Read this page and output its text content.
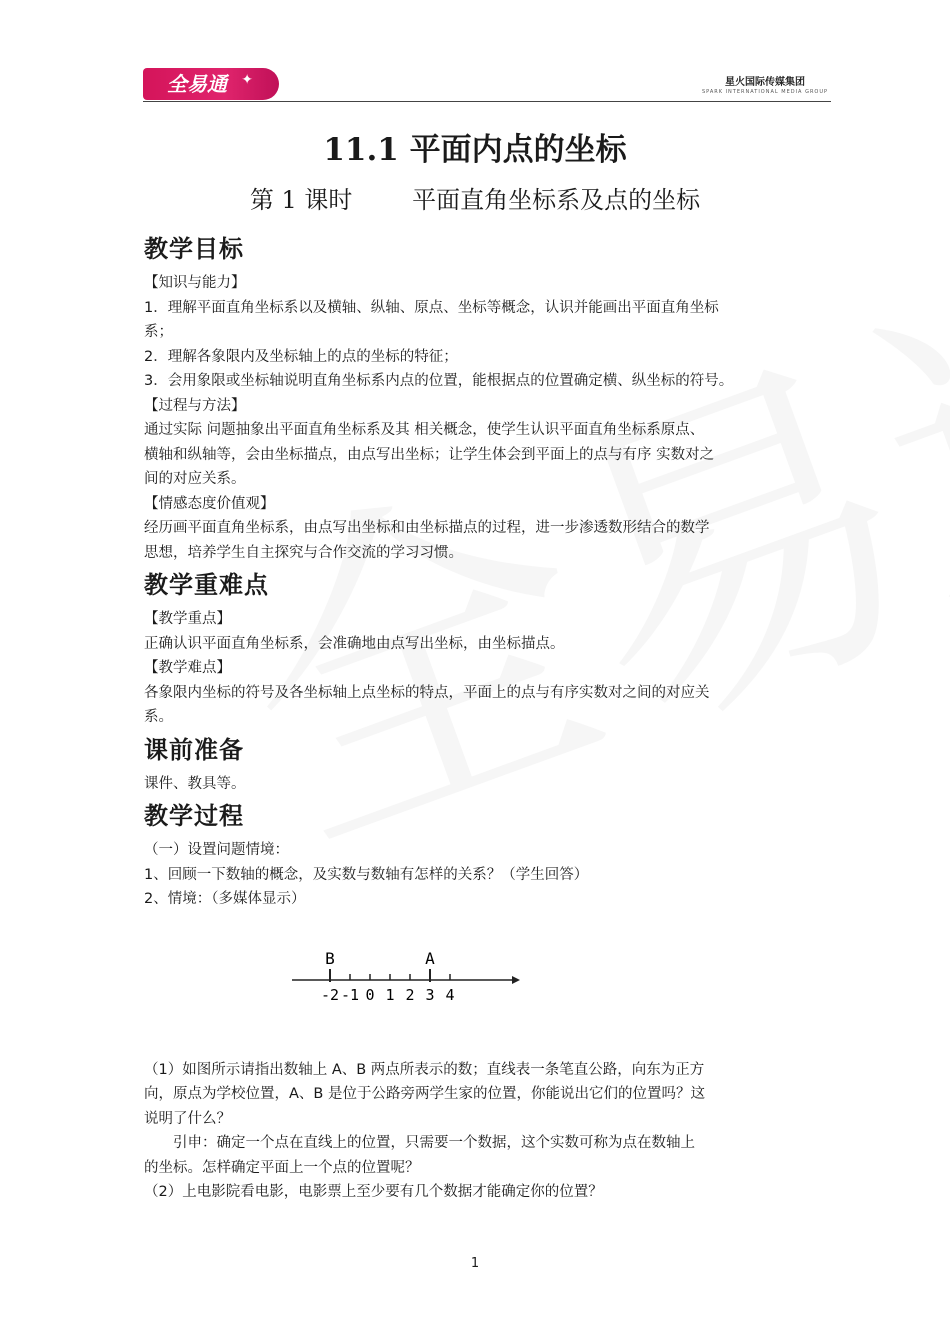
全易通 ✦	星火国际传媒集团
SPARK INTERNATIONAL MEDIA GROUP
11.1 平面内点的坐标
第 1 课时 平面直角坐标系及点的坐标
教学目标

【知识与能力】

1．理解平面直角坐标系以及横轴、纵轴、原点、坐标等概念，认识并能画出平面直角坐标

系；

2．理解各象限内及坐标轴上的点的坐标的特征；

3．会用象限或坐标轴说明直角坐标系内点的位置，能根据点的位置确定横、纵坐标的符号。

【过程与方法】

通过实际 问题抽象出平面直角坐标系及其 相关概念，使学生认识平面直角坐标系原点、

横轴和纵轴等，会由坐标描点，由点写出坐标；让学生体会到平面上的点与有序 实数对之

间的对应关系。

【情感态度价值观】

经历画平面直角坐标系，由点写出坐标和由坐标描点的过程，进一步渗透数形结合的数学

思想，培养学生自主探究与合作交流的学习习惯。

教学重难点

【教学重点】

正确认识平面直角坐标系，会准确地由点写出坐标，由坐标描点。

【教学难点】

各象限内坐标的符号及各坐标轴上点坐标的特点，平面上的点与有序实数对之间的对应关

系。

课前准备

课件、教具等。

教学过程

（一）设置问题情境：

1、回顾一下数轴的概念，及实数与数轴有怎样的关系？（学生回答）

2、情境：（多媒体显示）

-2 -1 0 1 2 3 4
B	A

（1）如图所示请指出数轴上 A、B 两点所表示的数；直线表一条笔直公路，向东为正方

向，原点为学校位置，A、B 是位于公路旁两学生家的位置，你能说出它们的位置吗？这

说明了什么？

引申：确定一个点在直线上的位置，只需要一个数据，这个实数可称为点在数轴上

的坐标。怎样确定平面上一个点的位置呢？

（2）上电影院看电影，电影票上至少要有几个数据才能确定你的位置？

1
